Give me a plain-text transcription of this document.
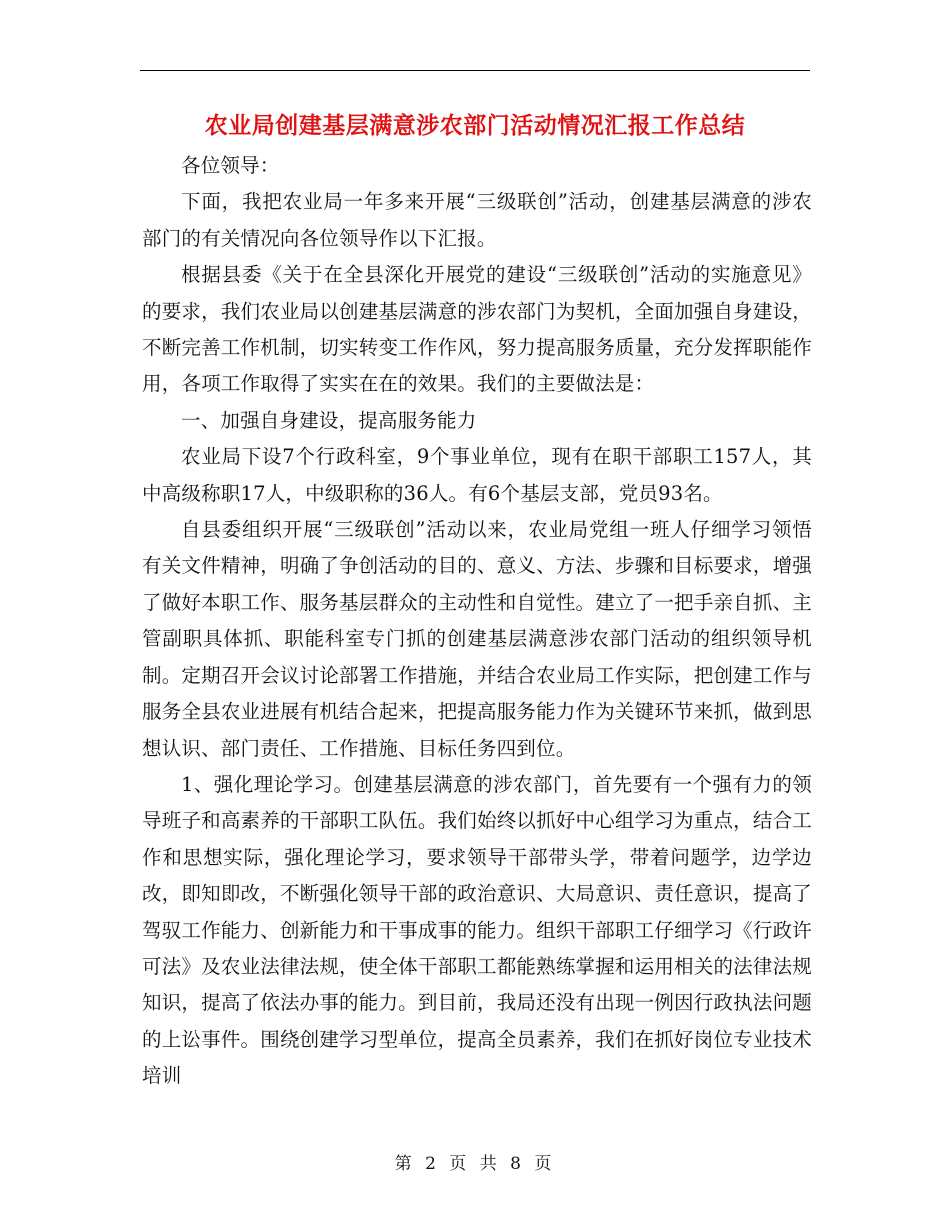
农业局创建基层满意涉农部门活动情况汇报工作总结

各位领导：

下面，我把农业局一年多来开展“三级联创”活动，创建基层满意的涉农部门的有关情况向各位领导作以下汇报。

根据县委《关于在全县深化开展党的建设“三级联创”活动的实施意见》的要求，我们农业局以创建基层满意的涉农部门为契机，全面加强自身建设，不断完善工作机制，切实转变工作作风，努力提高服务质量，充分发挥职能作用，各项工作取得了实实在在的效果。我们的主要做法是：

一、加强自身建设，提高服务能力

农业局下设7个行政科室，9个事业单位，现有在职干部职工157人，其中高级称职17人，中级职称的36人。有6个基层支部，党员93名。

自县委组织开展“三级联创”活动以来，农业局党组一班人仔细学习领悟有关文件精神，明确了争创活动的目的、意义、方法、步骤和目标要求，增强了做好本职工作、服务基层群众的主动性和自觉性。建立了一把手亲自抓、主管副职具体抓、职能科室专门抓的创建基层满意涉农部门活动的组织领导机制。定期召开会议讨论部署工作措施，并结合农业局工作实际，把创建工作与服务全县农业进展有机结合起来，把提高服务能力作为关键环节来抓，做到思想认识、部门责任、工作措施、目标任务四到位。

1、强化理论学习。创建基层满意的涉农部门，首先要有一个强有力的领导班子和高素养的干部职工队伍。我们始终以抓好中心组学习为重点，结合工作和思想实际，强化理论学习，要求领导干部带头学，带着问题学，边学边改，即知即改，不断强化领导干部的政治意识、大局意识、责任意识，提高了驾驭工作能力、创新能力和干事成事的能力。组织干部职工仔细学习《行政许可法》及农业法律法规，使全体干部职工都能熟练掌握和运用相关的法律法规知识，提高了依法办事的能力。到目前，我局还没有出现一例因行政执法问题的上讼事件。围绕创建学习型单位，提高全员素养，我们在抓好岗位专业技术培训

第 2 页 共 8 页
